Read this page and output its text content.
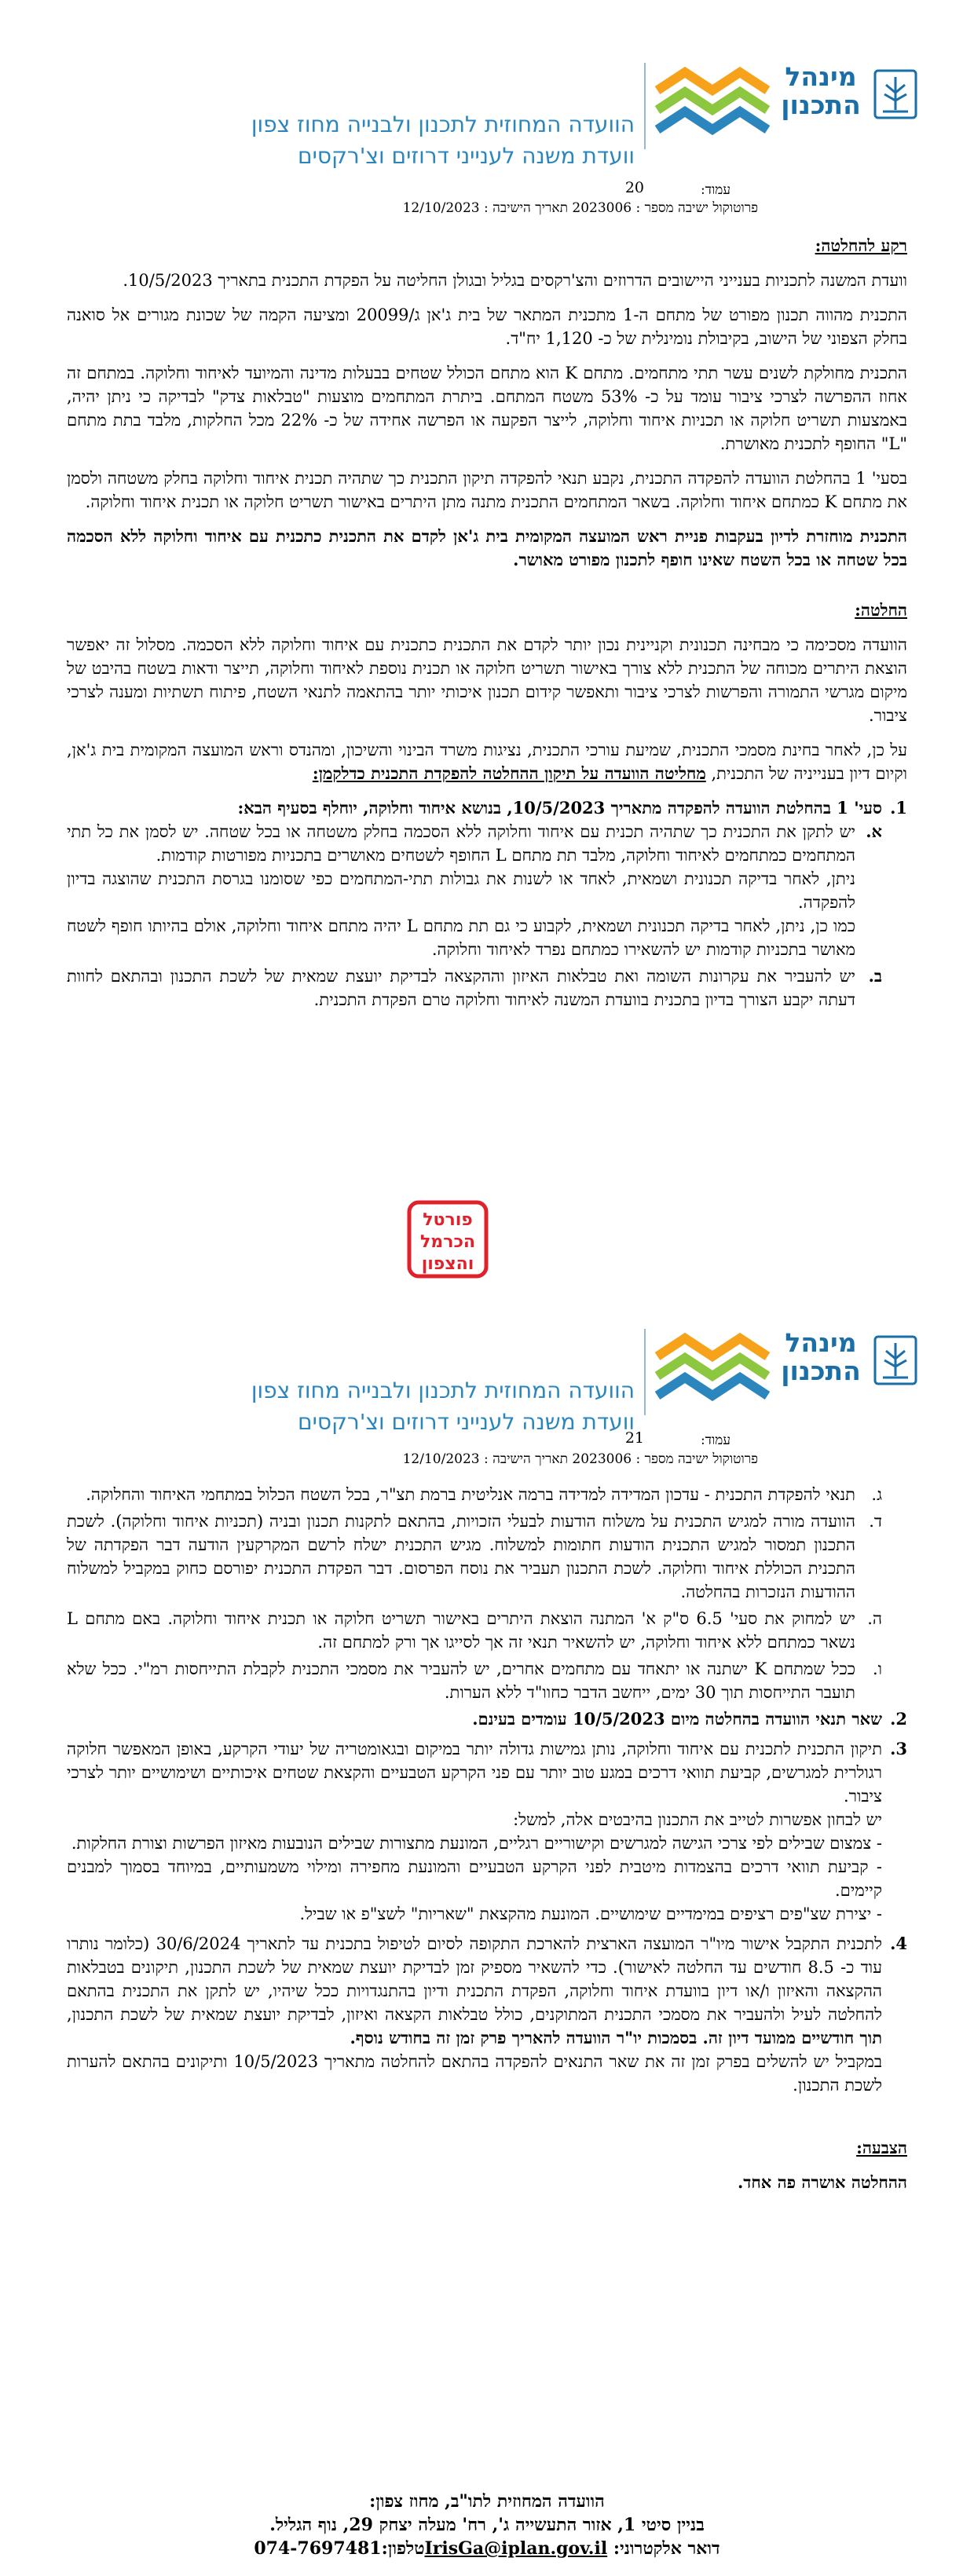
מינהל
התכנון
הוועדה המחוזית לתכנון ולבנייה מחוז צפון
וועדת משנה לענייני דרוזים וצ'רקסים
עמוד:
20
פרוטוקול ישיבה מספר : 2023006 תאריך הישיבה : 12/10/2023

רקע להחלטה:

וועדת המשנה לתכניות בענייני היישובים הדרוזים והצ'רקסים בגליל ובגולן החליטה על הפקדת התכנית בתאריך 10/5/2023.

התכנית מהווה תכנון מפורט של מתחם ה-1 מתכנית המתאר של בית ג'אן ג/20099 ומציעה הקמה של שכונת מגורים אל סואנה בחלק הצפוני של הישוב, בקיבולת נומינלית של כ- 1,120 יח"ד.

התכנית מחולקת לשנים עשר תתי מתחמים. מתחם K הוא מתחם הכולל שטחים בבעלות מדינה והמיועד לאיחוד וחלוקה. במתחם זה אחוז ההפרשה לצרכי ציבור עומד על כ- 53% משטח המתחם. ביתרת המתחמים מוצעות "טבלאות צדק" לבדיקה כי ניתן יהיה, באמצעות תשריט חלוקה או תכניות איחוד וחלוקה, לייצר הפקעה או הפרשה אחידה של כ- 22% מכל החלקות, מלבד בתת מתחם "L" החופף לתכנית מאושרת.

בסעי' 1 בהחלטת הוועדה להפקדה התכנית, נקבע תנאי להפקדה תיקון התכנית כך שתהיה תכנית איחוד וחלוקה בחלק משטחה ולסמן את מתחם K כמתחם איחוד וחלוקה. בשאר המתחמים התכנית מתנה מתן היתרים באישור תשריט חלוקה או תכנית איחוד וחלוקה.

התכנית מוחזרת לדיון בעקבות פניית ראש המועצה המקומית בית ג'אן לקדם את התכנית כתכנית עם איחוד וחלוקה ללא הסכמה בכל שטחה או בכל השטח שאינו חופף לתכנון מפורט מאושר.

החלטה:

הוועדה מסכימה כי מבחינה תכנונית וקניינית נכון יותר לקדם את התכנית כתכנית עם איחוד וחלוקה ללא הסכמה. מסלול זה יאפשר הוצאת היתרים מכוחה של התכנית ללא צורך באישור תשריט חלוקה או תכנית נוספת לאיחוד וחלוקה, תייצר ודאות בשטח בהיבט של מיקום מגרשי התמורה והפרשות לצרכי ציבור ותאפשר קידום תכנון איכותי יותר בהתאמה לתנאי השטח, פיתוח תשתיות ומענה לצרכי ציבור.

על כן, לאחר בחינת מסמכי התכנית, שמיעת עורכי התכנית, נציגות משרד הבינוי והשיכון, ומהנדס וראש המועצה המקומית בית ג'אן, וקיום דיון בענייניה של התכנית, מחליטה הוועדה על תיקון ההחלטה להפקדת התכנית כדלקמן:

1.
סעי' 1 בהחלטת הוועדה להפקדה מתאריך 10/5/2023, בנושא איחוד וחלוקה, יוחלף בסעיף הבא:
א.
יש לתקן את התכנית כך שתהיה תכנית עם איחוד וחלוקה ללא הסכמה בחלק משטחה או בכל שטחה. יש לסמן את כל תתי המתחמים כמתחמים לאיחוד וחלוקה, מלבד תת מתחם L החופף לשטחים מאושרים בתכניות מפורטות קודמות.
ניתן, לאחר בדיקה תכנונית ושמאית, לאחד או לשנות את גבולות תתי-המתחמים כפי שסומנו בגרסת התכנית שהוצגה בדיון להפקדה.
כמו כן, ניתן, לאחר בדיקה תכנונית ושמאית, לקבוע כי גם תת מתחם L יהיה מתחם איחוד וחלוקה, אולם בהיותו חופף לשטח מאושר בתכניות קודמות יש להשאירו כמתחם נפרד לאיחוד וחלוקה.
ב.
יש להעביר את עקרונות השומה ואת טבלאות האיזון וההקצאה לבדיקת יועצת שמאית של לשכת התכנון ובהתאם לחוות דעתה יקבע הצורך בדיון בתכנית בוועדת המשנה לאיחוד וחלוקה טרם הפקדת התכנית.
פורטל
הכרמל
והצפון
מינהל
התכנון
הוועדה המחוזית לתכנון ולבנייה מחוז צפון
וועדת משנה לענייני דרוזים וצ'רקסים
עמוד:
21
פרוטוקול ישיבה מספר : 2023006 תאריך הישיבה : 12/10/2023
ג.
תנאי להפקדת התכנית - עדכון המדידה למדידה ברמה אנליטית ברמת תצ"ר, בכל השטח הכלול במתחמי האיחוד והחלוקה.
ד.
הוועדה מורה למגיש התכנית על משלוח הודעות לבעלי הזכויות, בהתאם לתקנות תכנון ובניה (תכניות איחוד וחלוקה). לשכת התכנון תמסור למגיש התכנית הודעות חתומות למשלוח. מגיש התכנית ישלח לרשם המקרקעין הודעה דבר הפקדתה של התכנית הכוללת איחוד וחלוקה. לשכת התכנון תעביר את נוסח הפרסום. דבר הפקדת התכנית יפורסם כחוק במקביל למשלוח ההודעות הנזכרות בהחלטה.
ה.
יש למחוק את סעי' 6.5 ס"ק א' המתנה הוצאת היתרים באישור תשריט חלוקה או תכנית איחוד וחלוקה. באם מתחם L נשאר כמתחם ללא איחוד וחלוקה, יש להשאיר תנאי זה אך לסייגו אך ורק למתחם זה.
ו.
ככל שמתחם K ישתנה או יתאחד עם מתחמים אחרים, יש להעביר את מסמכי התכנית לקבלת התייחסות רמ"י. ככל שלא תועבר התייחסות תוך 30 ימים, ייחשב הדבר כחוו"ד ללא הערות.
2.
שאר תנאי הוועדה בהחלטה מיום 10/5/2023 עומדים בעינם.
3.
תיקון התכנית לתכנית עם איחוד וחלוקה, נותן גמישות גדולה יותר במיקום ובגאומטריה של יעודי הקרקע, באופן המאפשר חלוקה רגולרית למגרשים, קביעת תוואי דרכים במגע טוב יותר עם פני הקרקע הטבעיים והקצאת שטחים איכותיים ושימושיים יותר לצרכי ציבור.
יש לבחון אפשרות לטייב את התכנון בהיבטים אלה, למשל:
- צמצום שבילים לפי צרכי הגישה למגרשים וקישוריים רגליים, המונעת מתצורות שבילים הנובעות מאיזון הפרשות וצורת החלקות.
- קביעת תוואי דרכים בהצמדות מיטבית לפני הקרקע הטבעיים והמונעת מחפירה ומילוי משמעותיים, במיוחד בסמוך למבנים קיימים.
- יצירת שצ"פים רציפים במימדיים שימושיים. המונעת מהקצאת "שאריות" לשצ"פ או שביל.
4.
לתכנית התקבל אישור מיו"ר המועצה הארצית להארכת התקופה לסיום לטיפול בתכנית עד לתאריך 30/6/2024 (כלומר נותרו עוד כ- 8.5 חודשים עד החלטה לאישור). כדי להשאיר מספיק זמן לבדיקת יועצת שמאית של לשכת התכנון, תיקונים בטבלאות ההקצאה והאיזון ו/או דיון בוועדת איחוד וחלוקה, הפקדת התכנית ודיון בהתנגדויות ככל שיהיו, יש לתקן את התכנית בהתאם להחלטה לעיל ולהעביר את מסמכי התכנית המתוקנים, כולל טבלאות הקצאה ואיזון, לבדיקת יועצת שמאית של לשכת התכנון, תוך חודשיים ממועד דיון זה. בסמכות יו"ר הוועדה להאריך פרק זמן זה בחודש נוסף.
במקביל יש להשלים בפרק זמן זה את שאר התנאים להפקדה בהתאם להחלטה מתאריך 10/5/2023 ותיקונים בהתאם להערות לשכת התכנון.

הצבעה:

ההחלטה אושרה פה אחד.

הוועדה המחוזית לתו"ב, מחוז צפון:
בניין סיטי 1, אזור התעשייה ג', רח' מעלה יצחק 29, נוף הגליל.
דואר אלקטרוני: IrisGa@iplan.gov.ilטלפון:074-7697481
